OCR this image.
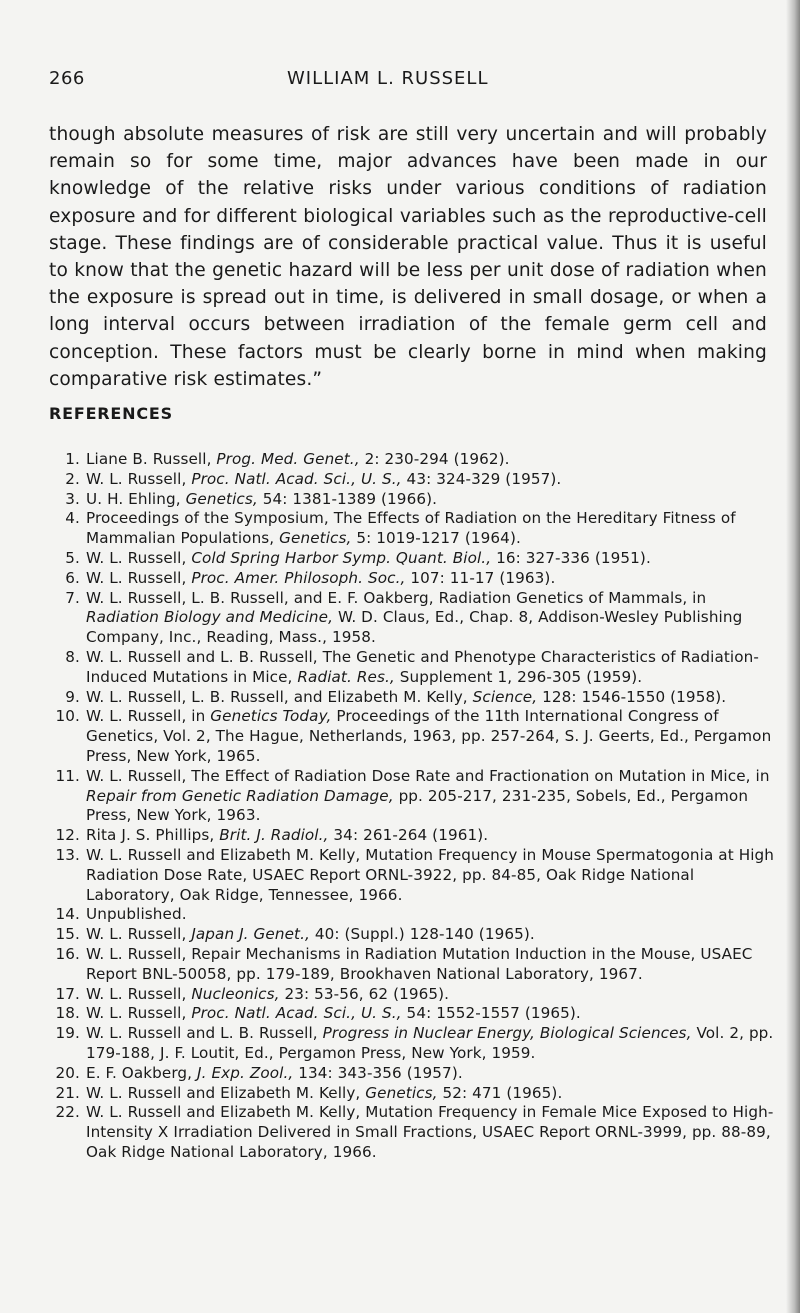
266	WILLIAM L. RUSSELL

though absolute measures of risk are still very uncertain and will probably remain so for some time, major advances have been made in our knowledge of the relative risks under various conditions of radiation exposure and for different biological variables such as the reproductive-cell stage. These findings are of considerable practical value. Thus it is useful to know that the genetic hazard will be less per unit dose of radiation when the exposure is spread out in time, is delivered in small dosage, or when a long interval occurs between irradiation of the female germ cell and conception. These factors must be clearly borne in mind when making comparative risk estimates.”

REFERENCES
1. Liane B. Russell, Prog. Med. Genet., 2: 230-294 (1962).
2. W. L. Russell, Proc. Natl. Acad. Sci., U. S., 43: 324-329 (1957).
3. U. H. Ehling, Genetics, 54: 1381-1389 (1966).
4. Proceedings of the Symposium, The Effects of Radiation on the Hereditary Fitness of Mammalian Populations, Genetics, 5: 1019-1217 (1964).
5. W. L. Russell, Cold Spring Harbor Symp. Quant. Biol., 16: 327-336 (1951).
6. W. L. Russell, Proc. Amer. Philosoph. Soc., 107: 11-17 (1963).
7. W. L. Russell, L. B. Russell, and E. F. Oakberg, Radiation Genetics of Mammals, in Radiation Biology and Medicine, W. D. Claus, Ed., Chap. 8, Addison-Wesley Publishing Company, Inc., Reading, Mass., 1958.
8. W. L. Russell and L. B. Russell, The Genetic and Phenotype Characteristics of Radiation-Induced Mutations in Mice, Radiat. Res., Supplement 1, 296-305 (1959).
9. W. L. Russell, L. B. Russell, and Elizabeth M. Kelly, Science, 128: 1546-1550 (1958).
10. W. L. Russell, in Genetics Today, Proceedings of the 11th International Congress of Genetics, Vol. 2, The Hague, Netherlands, 1963, pp. 257-264, S. J. Geerts, Ed., Pergamon Press, New York, 1965.
11. W. L. Russell, The Effect of Radiation Dose Rate and Fractionation on Mutation in Mice, in Repair from Genetic Radiation Damage, pp. 205-217, 231-235, Sobels, Ed., Pergamon Press, New York, 1963.
12. Rita J. S. Phillips, Brit. J. Radiol., 34: 261-264 (1961).
13. W. L. Russell and Elizabeth M. Kelly, Mutation Frequency in Mouse Spermatogonia at High Radiation Dose Rate, USAEC Report ORNL-3922, pp. 84-85, Oak Ridge National Laboratory, Oak Ridge, Tennessee, 1966.
14. Unpublished.
15. W. L. Russell, Japan J. Genet., 40: (Suppl.) 128-140 (1965).
16. W. L. Russell, Repair Mechanisms in Radiation Mutation Induction in the Mouse, USAEC Report BNL-50058, pp. 179-189, Brookhaven National Laboratory, 1967.
17. W. L. Russell, Nucleonics, 23: 53-56, 62 (1965).
18. W. L. Russell, Proc. Natl. Acad. Sci., U. S., 54: 1552-1557 (1965).
19. W. L. Russell and L. B. Russell, Progress in Nuclear Energy, Biological Sciences, Vol. 2, pp. 179-188, J. F. Loutit, Ed., Pergamon Press, New York, 1959.
20. E. F. Oakberg, J. Exp. Zool., 134: 343-356 (1957).
21. W. L. Russell and Elizabeth M. Kelly, Genetics, 52: 471 (1965).
22. W. L. Russell and Elizabeth M. Kelly, Mutation Frequency in Female Mice Exposed to High-Intensity X Irradiation Delivered in Small Fractions, USAEC Report ORNL-3999, pp. 88-89, Oak Ridge National Laboratory, 1966.
